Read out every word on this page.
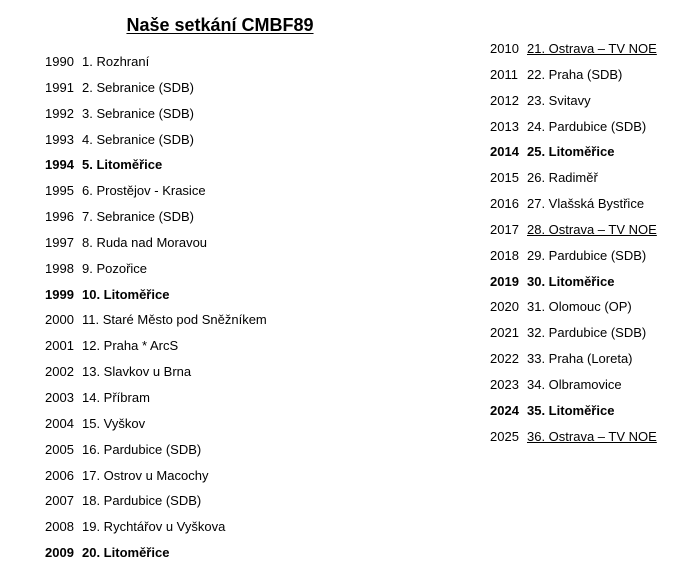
Naše setkání CMBF89
1990 1. Rozhraní
1991 2. Sebranice (SDB)
1992 3. Sebranice (SDB)
1993 4. Sebranice (SDB)
1994 5. Litoměřice
1995 6. Prostějov - Krasice
1996 7. Sebranice (SDB)
1997 8. Ruda nad Moravou
1998 9. Pozořice
1999 10. Litoměřice
2000 11. Staré Město pod Sněžníkem
2001 12. Praha * ArcS
2002 13. Slavkov u Brna
2003 14. Příbram
2004 15. Vyškov
2005 16. Pardubice (SDB)
2006 17. Ostrov u Macochy
2007 18. Pardubice (SDB)
2008 19. Rychtářov u Vyškova
2009 20. Litoměřice
2010 21. Ostrava – TV NOE
2011 22. Praha (SDB)
2012 23. Svitavy
2013 24. Pardubice (SDB)
2014 25. Litoměřice
2015 26. Radiměř
2016 27. Vlašská Bystřice
2017 28. Ostrava – TV NOE
2018 29. Pardubice (SDB)
2019 30. Litoměřice
2020 31. Olomouc (OP)
2021 32. Pardubice (SDB)
2022 33. Praha (Loreta)
2023 34. Olbramovice
2024 35. Litoměřice
2025 36. Ostrava – TV NOE
